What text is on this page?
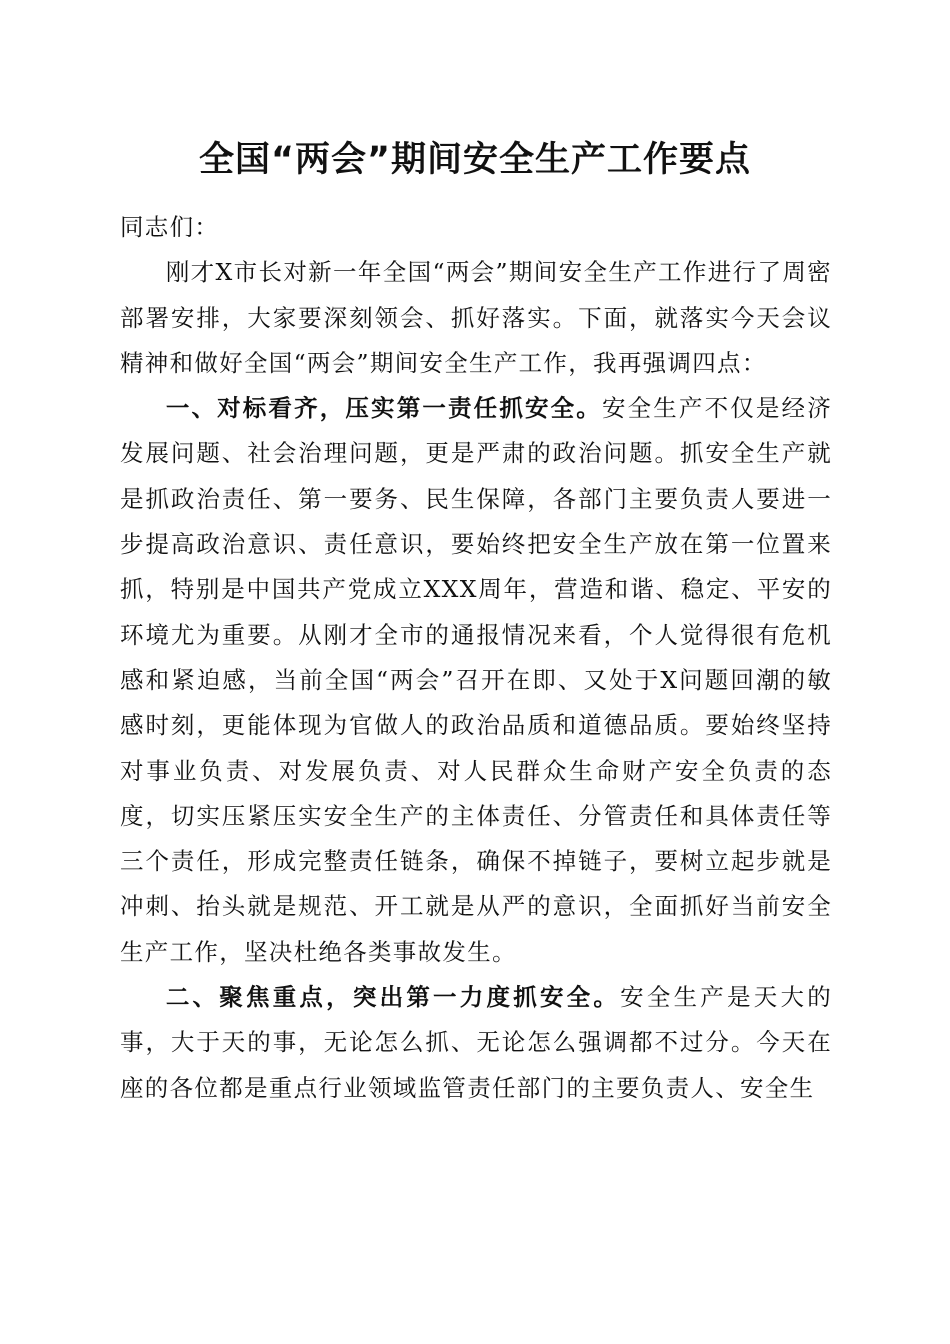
全国“两会”期间安全生产工作要点

同志们：

刚才X市长对新一年全国“两会”期间安全生产工作进行了周密部署安排，大家要深刻领会、抓好落实。下面，就落实今天会议精神和做好全国“两会”期间安全生产工作，我再强调四点：

一、对标看齐，压实第一责任抓安全。安全生产不仅是经济发展问题、社会治理问题，更是严肃的政治问题。抓安全生产就是抓政治责任、第一要务、民生保障，各部门主要负责人要进一步提高政治意识、责任意识，要始终把安全生产放在第一位置来抓，特别是中国共产党成立XXX周年，营造和谐、稳定、平安的环境尤为重要。从刚才全市的通报情况来看，个人觉得很有危机感和紧迫感，当前全国“两会”召开在即、又处于X问题回潮的敏感时刻，更能体现为官做人的政治品质和道德品质。要始终坚持对事业负责、对发展负责、对人民群众生命财产安全负责的态度，切实压紧压实安全生产的主体责任、分管责任和具体责任等三个责任，形成完整责任链条，确保不掉链子，要树立起步就是冲刺、抬头就是规范、开工就是从严的意识，全面抓好当前安全生产工作，坚决杜绝各类事故发生。

二、聚焦重点，突出第一力度抓安全。安全生产是天大的事，大于天的事，无论怎么抓、无论怎么强调都不过分。今天在座的各位都是重点行业领域监管责任部门的主要负责人、安全生
